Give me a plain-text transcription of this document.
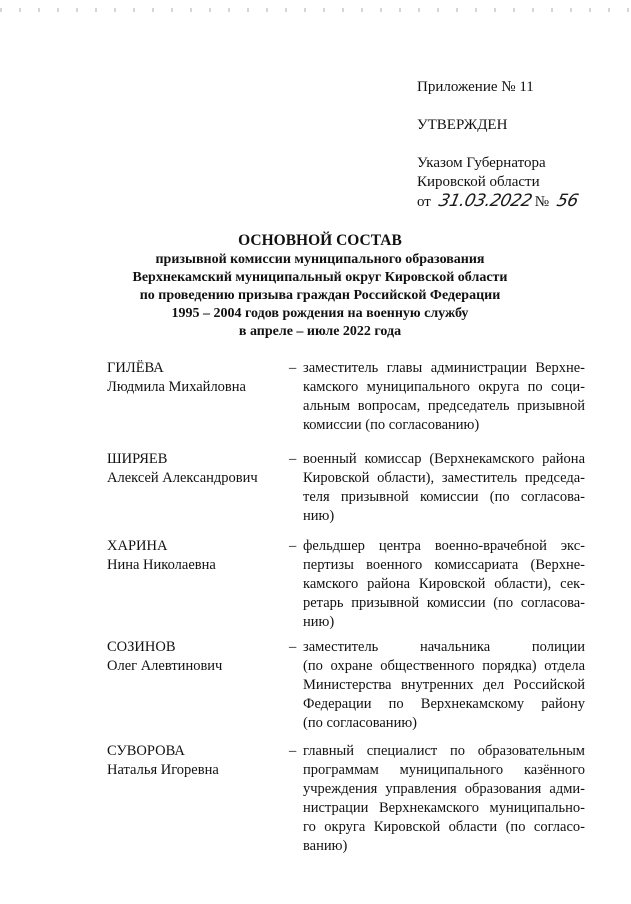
Приложение № 11
УТВЕРЖДЕН
Указом Губернатора
Кировской области
от 31.03.2022 № 56
ОСНОВНОЙ СОСТАВ
призывной комиссии муниципального образования
Верхнекамский муниципальный округ Кировской области
по проведению призыва граждан Российской Федерации
1995 – 2004 годов рождения на военную службу
в апреле – июле 2022 года
ГИЛЁВА
Людмила Михайловна
– заместитель главы администрации Верхне-
камского муниципального округа по соци-
альным вопросам, председатель призывной
комиссии (по согласованию)
ШИРЯЕВ
Алексей Александрович
– военный комиссар (Верхнекамского района
Кировской области), заместитель председа-
теля призывной комиссии (по согласова-
нию)
ХАРИНА
Нина Николаевна
– фельдшер центра военно-врачебной экс-
пертизы военного комиссариата (Верхне-
камского района Кировской области), сек-
ретарь призывной комиссии (по согласова-
нию)
СОЗИНОВ
Олег Алевтинович
– заместитель начальника полиции
(по охране общественного порядка) отдела
Министерства внутренних дел Российской
Федерации по Верхнекамскому району
(по согласованию)
СУВОРОВА
Наталья Игоревна
– главный специалист по образовательным
программам муниципального казённого
учреждения управления образования адми-
нистрации Верхнекамского муниципально-
го округа Кировской области (по согласо-
ванию)
